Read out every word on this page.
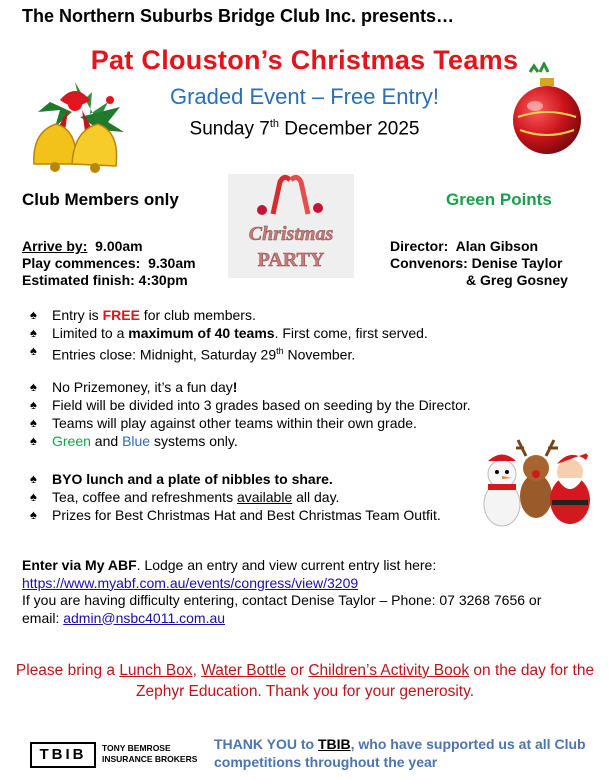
The Northern Suburbs Bridge Club Inc. presents…
Pat Clouston’s Christmas Teams
Graded Event – Free Entry!
Sunday 7th December 2025
Club Members only
Christmas
PARTY
Green Points
Arrive by:  9.00am
Play commences:  9.30am
Estimated finish: 4:30pm
Director:  Alan Gibson
Convenors: Denise Taylor
& Greg Gosney
♠ Entry is FREE for club members.
♠ Limited to a maximum of 40 teams. First come, first served.
♠ Entries close: Midnight, Saturday 29th November.
♠ No Prizemoney, it’s a fun day!
♠ Field will be divided into 3 grades based on seeding by the Director.
♠ Teams will play against other teams within their own grade.
♠ Green and Blue systems only.
♠ BYO lunch and a plate of nibbles to share.
♠ Tea, coffee and refreshments available all day.
♠ Prizes for Best Christmas Hat and Best Christmas Team Outfit.
Enter via My ABF. Lodge an entry and view current entry list here:
https://www.myabf.com.au/events/congress/view/3209
If you are having difficulty entering, contact Denise Taylor – Phone: 07 3268 7656 or
email: admin@nsbc4011.com.au
Please bring a Lunch Box, Water Bottle or Children’s Activity Book on the day for the Zephyr Education. Thank you for your generosity.
TBIB	TONY BEMROSE
INSURANCE BROKERS
THANK YOU to TBIB, who have supported us at all Club competitions throughout the year
